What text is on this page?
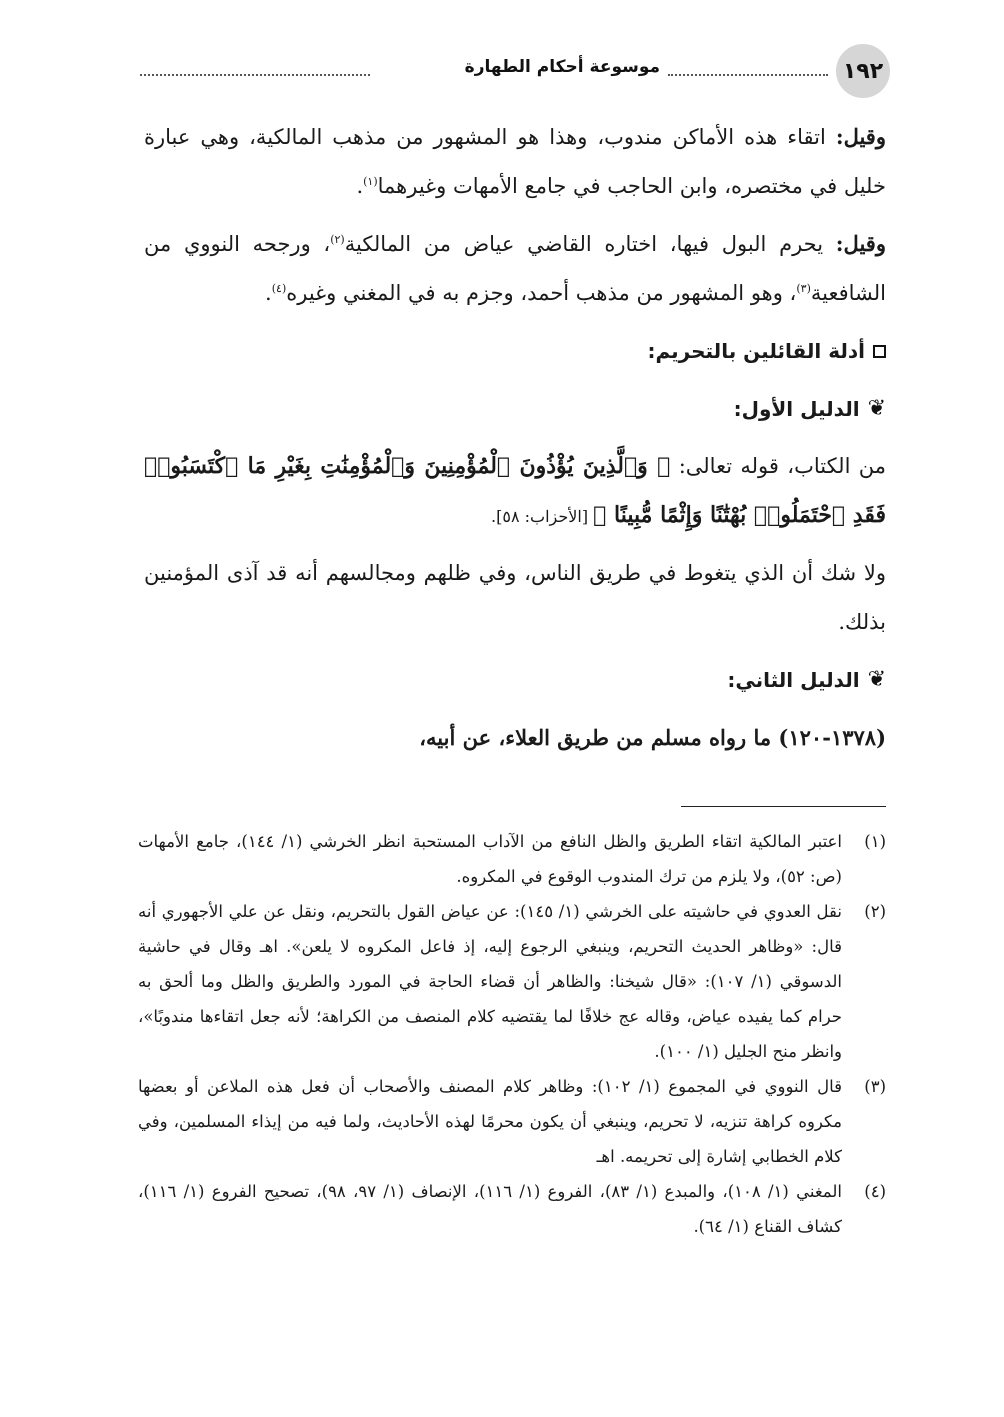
١٩٢
موسوعة أحكام الطهارة

وقيل: اتقاء هذه الأماكن مندوب، وهذا هو المشهور من مذهب المالكية، وهي عبارة خليل في مختصره، وابن الحاجب في جامع الأمهات وغيرهما$^{(١)}$.

وقيل: يحرم البول فيها، اختاره القاضي عياض من المالكية$^{(٢)}$، ورجحه النووي من الشافعية$^{(٣)}$، وهو المشهور من مذهب أحمد، وجزم به في المغني وغيره$^{(٤)}$.

أدلة القائلين بالتحريم:
❦
الدليل الأول:

من الكتاب، قوله تعالى: ﴿ وَٱلَّذِينَ يُؤْذُونَ ٱلْمُؤْمِنِينَ وَٱلْمُؤْمِنَٰتِ بِغَيْرِ مَا ٱكْتَسَبُوا۟ فَقَدِ ٱحْتَمَلُوا۟ بُهْتَٰنًا وَإِثْمًا مُّبِينًا ﴾ [الأحزاب: ٥٨].

ولا شك أن الذي يتغوط في طريق الناس، وفي ظلهم ومجالسهم أنه قد آذى المؤمنين بذلك.

❦
الدليل الثاني:

(١٣٧٨-١٢٠) ما رواه مسلم من طريق العلاء، عن أبيه،

(١)
اعتبر المالكية اتقاء الطريق والظل النافع من الآداب المستحبة انظر الخرشي (١/ ١٤٤)، جامع الأمهات (ص: ٥٢)، ولا يلزم من ترك المندوب الوقوع في المكروه.
(٢)
نقل العدوي في حاشيته على الخرشي (١/ ١٤٥): عن عياض القول بالتحريم، ونقل عن علي الأجهوري أنه قال: «وظاهر الحديث التحريم، وينبغي الرجوع إليه، إذ فاعل المكروه لا يلعن». اهـ وقال في حاشية الدسوقي (١/ ١٠٧): «قال شيخنا: والظاهر أن قضاء الحاجة في المورد والطريق والظل وما ألحق به حرام كما يفيده عياض، وقاله عج خلافًا لما يقتضيه كلام المنصف من الكراهة؛ لأنه جعل اتقاءها مندوبًا»، وانظر منح الجليل (١/ ١٠٠).
(٣)
قال النووي في المجموع (١/ ١٠٢): وظاهر كلام المصنف والأصحاب أن فعل هذه الملاعن أو بعضها مكروه كراهة تنزيه، لا تحريم، وينبغي أن يكون محرمًا لهذه الأحاديث، ولما فيه من إيذاء المسلمين، وفي كلام الخطابي إشارة إلى تحريمه. اهـ
(٤)
المغني (١/ ١٠٨)، والمبدع (١/ ٨٣)، الفروع (١/ ١١٦)، الإنصاف (١/ ٩٧، ٩٨)، تصحيح الفروع (١/ ١١٦)، كشاف القناع (١/ ٦٤).
